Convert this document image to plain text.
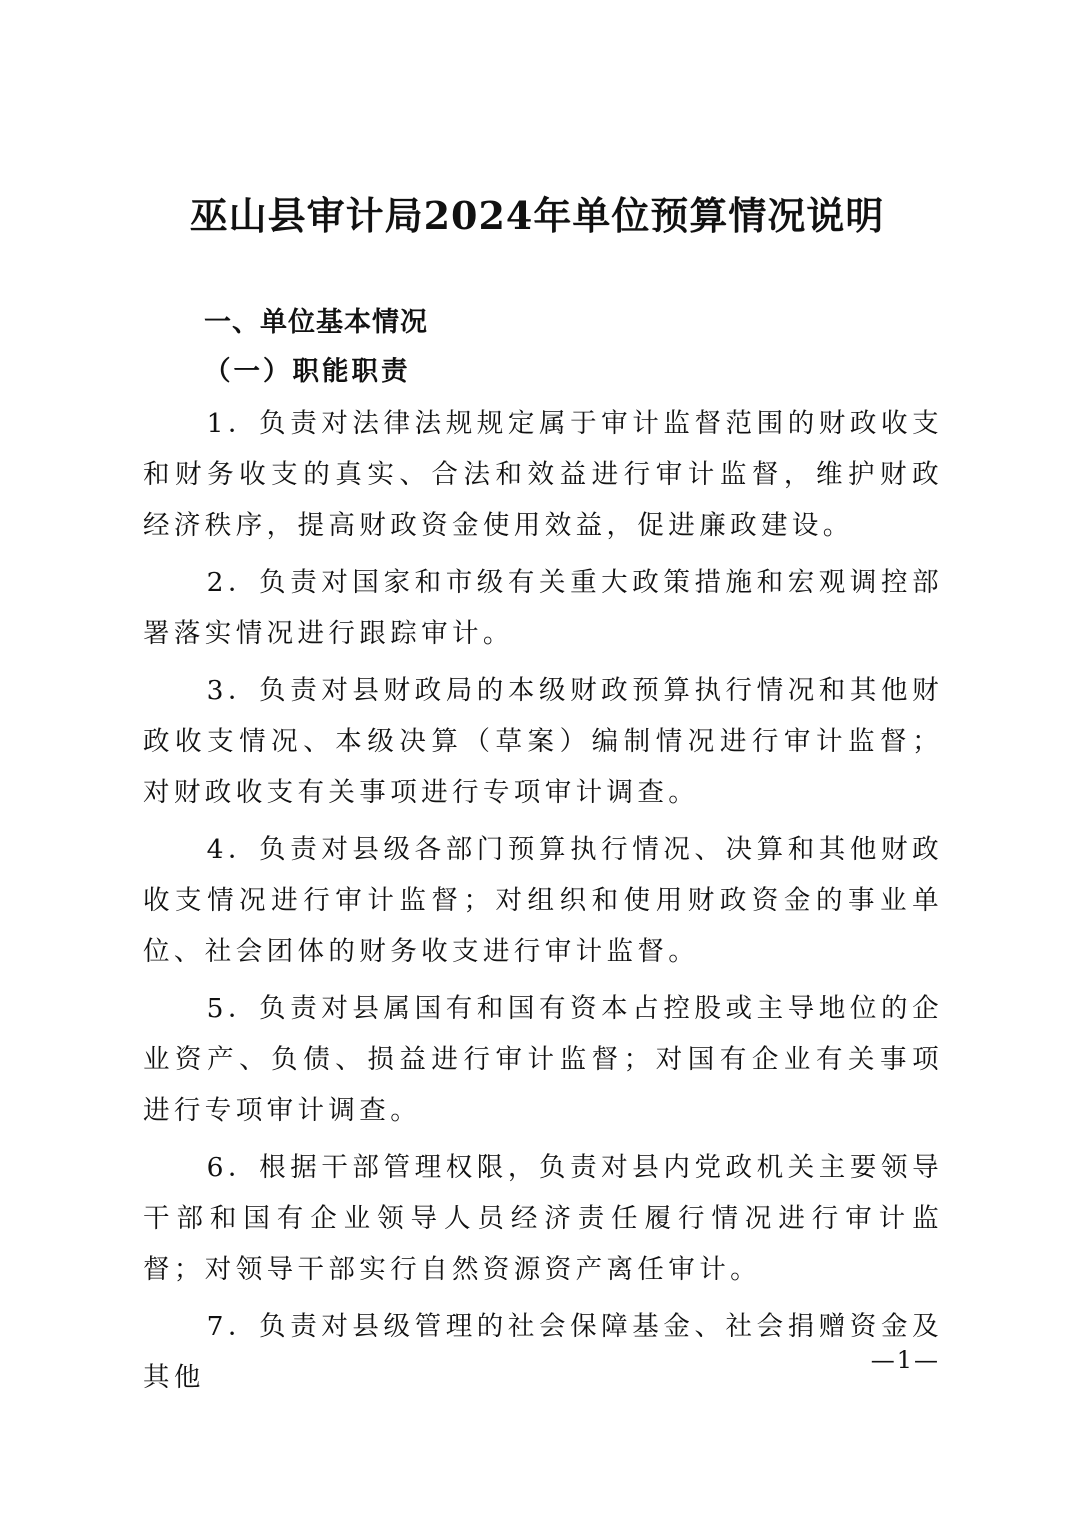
巫山县审计局2024年单位预算情况说明
一、单位基本情况
（一）职能职责

1．负责对法律法规规定属于审计监督范围的财政收支和财务收支的真实、合法和效益进行审计监督，维护财政经济秩序，提高财政资金使用效益，促进廉政建设。

2．负责对国家和市级有关重大政策措施和宏观调控部署落实情况进行跟踪审计。

3．负责对县财政局的本级财政预算执行情况和其他财政收支情况、本级决算（草案）编制情况进行审计监督；对财政收支有关事项进行专项审计调查。

4．负责对县级各部门预算执行情况、决算和其他财政收支情况进行审计监督；对组织和使用财政资金的事业单位、社会团体的财务收支进行审计监督。

5．负责对县属国有和国有资本占控股或主导地位的企业资产、负债、损益进行审计监督；对国有企业有关事项进行专项审计调查。

6．根据干部管理权限，负责对县内党政机关主要领导干部和国有企业领导人员经济责任履行情况进行审计监督；对领导干部实行自然资源资产离任审计。

7．负责对县级管理的社会保障基金、社会捐赠资金及其他

—1—
